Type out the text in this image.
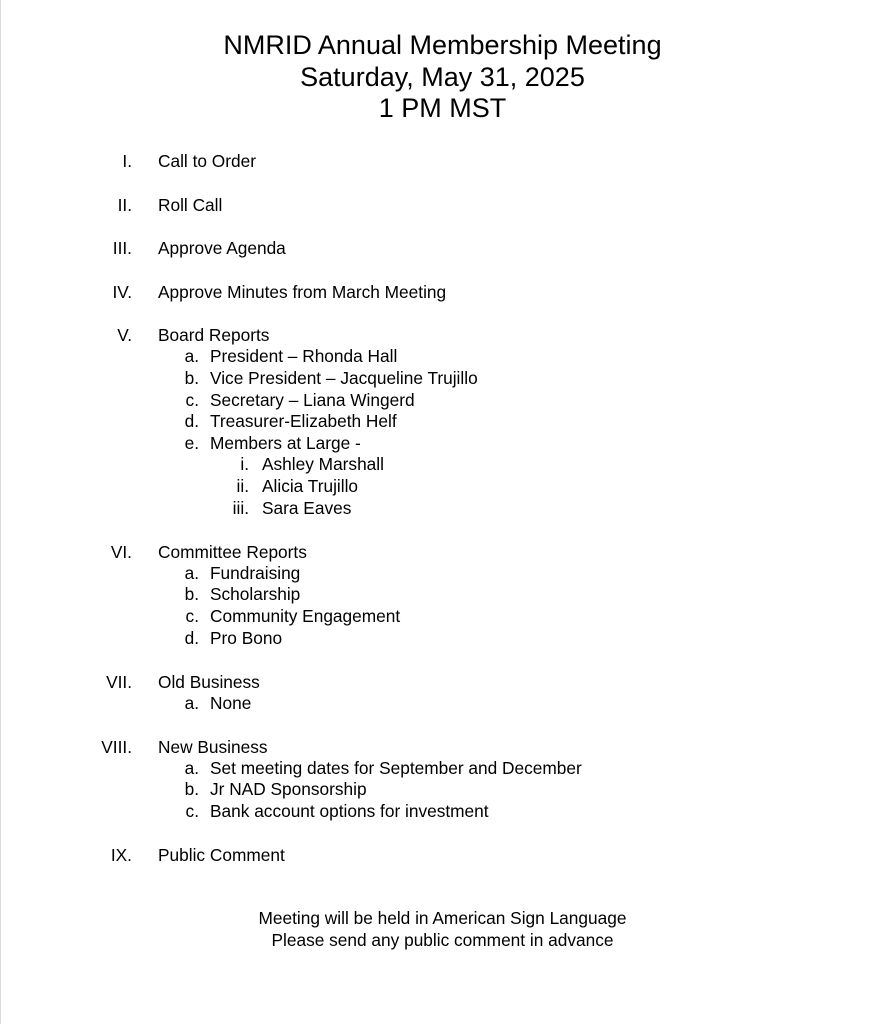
NMRID Annual Membership Meeting
Saturday, May 31, 2025
1 PM MST
I. Call to Order
II. Roll Call
III. Approve Agenda
IV. Approve Minutes from March Meeting
V. Board Reports
a. President – Rhonda Hall
b. Vice President – Jacqueline Trujillo
c. Secretary – Liana Wingerd
d. Treasurer-Elizabeth Helf
e. Members at Large -
i. Ashley Marshall
ii. Alicia Trujillo
iii. Sara Eaves
VI. Committee Reports
a. Fundraising
b. Scholarship
c. Community Engagement
d. Pro Bono
VII. Old Business
a. None
VIII. New Business
a. Set meeting dates for September and December
b. Jr NAD Sponsorship
c. Bank account options for investment
IX. Public Comment
Meeting will be held in American Sign Language
Please send any public comment in advance
